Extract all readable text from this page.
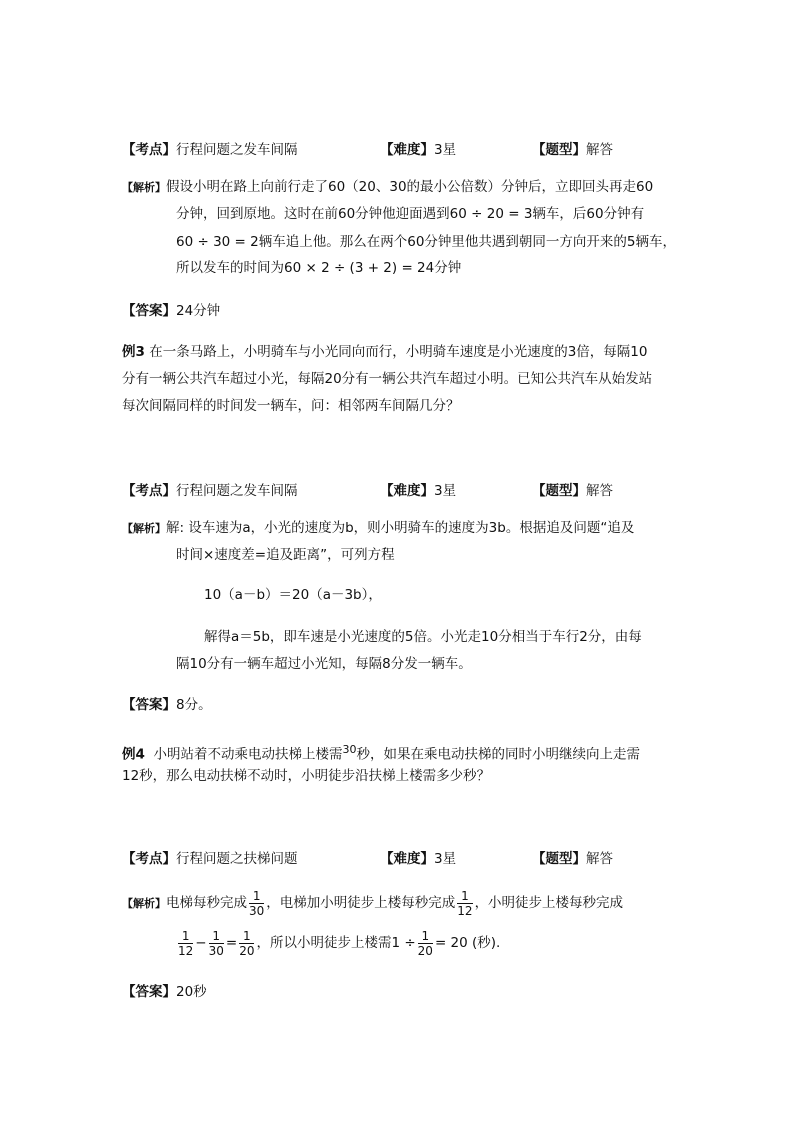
【考点】行程问题之发车间隔	【难度】3星	【题型】解答
【解析】假设小明在路上向前行走了60（20、30的最小公倍数）分钟后，立即回头再走60
分钟，回到原地。这时在前60分钟他迎面遇到60 ÷ 20 = 3辆车，后60分钟有
60 ÷ 30 = 2辆车追上他。那么在两个60分钟里他共遇到朝同一方向开来的5辆车，
所以发车的时间为60 × 2 ÷ (3 + 2) = 24分钟
【答案】24分钟
例3 在一条马路上，小明骑车与小光同向而行，小明骑车速度是小光速度的3倍，每隔10
分有一辆公共汽车超过小光，每隔20分有一辆公共汽车超过小明。已知公共汽车从始发站
每次间隔同样的时间发一辆车，问：相邻两车间隔几分？
【考点】行程问题之发车间隔	【难度】3星	【题型】解答
【解析】解: 设车速为a，小光的速度为b，则小明骑车的速度为3b。根据追及问题“追及
时间×速度差=追及距离”，可列方程
10（a－b）＝20（a－3b），
解得a＝5b，即车速是小光速度的5倍。小光走10分相当于车行2分，由每
隔10分有一辆车超过小光知，每隔8分发一辆车。
【答案】8分。
例4 小明站着不动乘电动扶梯上楼需$^{30}$秒，如果在乘电动扶梯的同时小明继续向上走需
12秒，那么电动扶梯不动时，小明徒步沿扶梯上楼需多少秒？
【考点】行程问题之扶梯问题	【难度】3星	【题型】解答
【解析】电梯每秒完成 $\frac{1}{30}$ ，电梯加小明徒步上楼每秒完成 $\frac{1}{12}$ ，小明徒步上楼每秒完成
$\frac{1}{12} - \frac{1}{30} = \frac{1}{20}$ ，所以小明徒步上楼需$1 \div \frac{1}{20} = 20$ (秒).
【答案】20秒
